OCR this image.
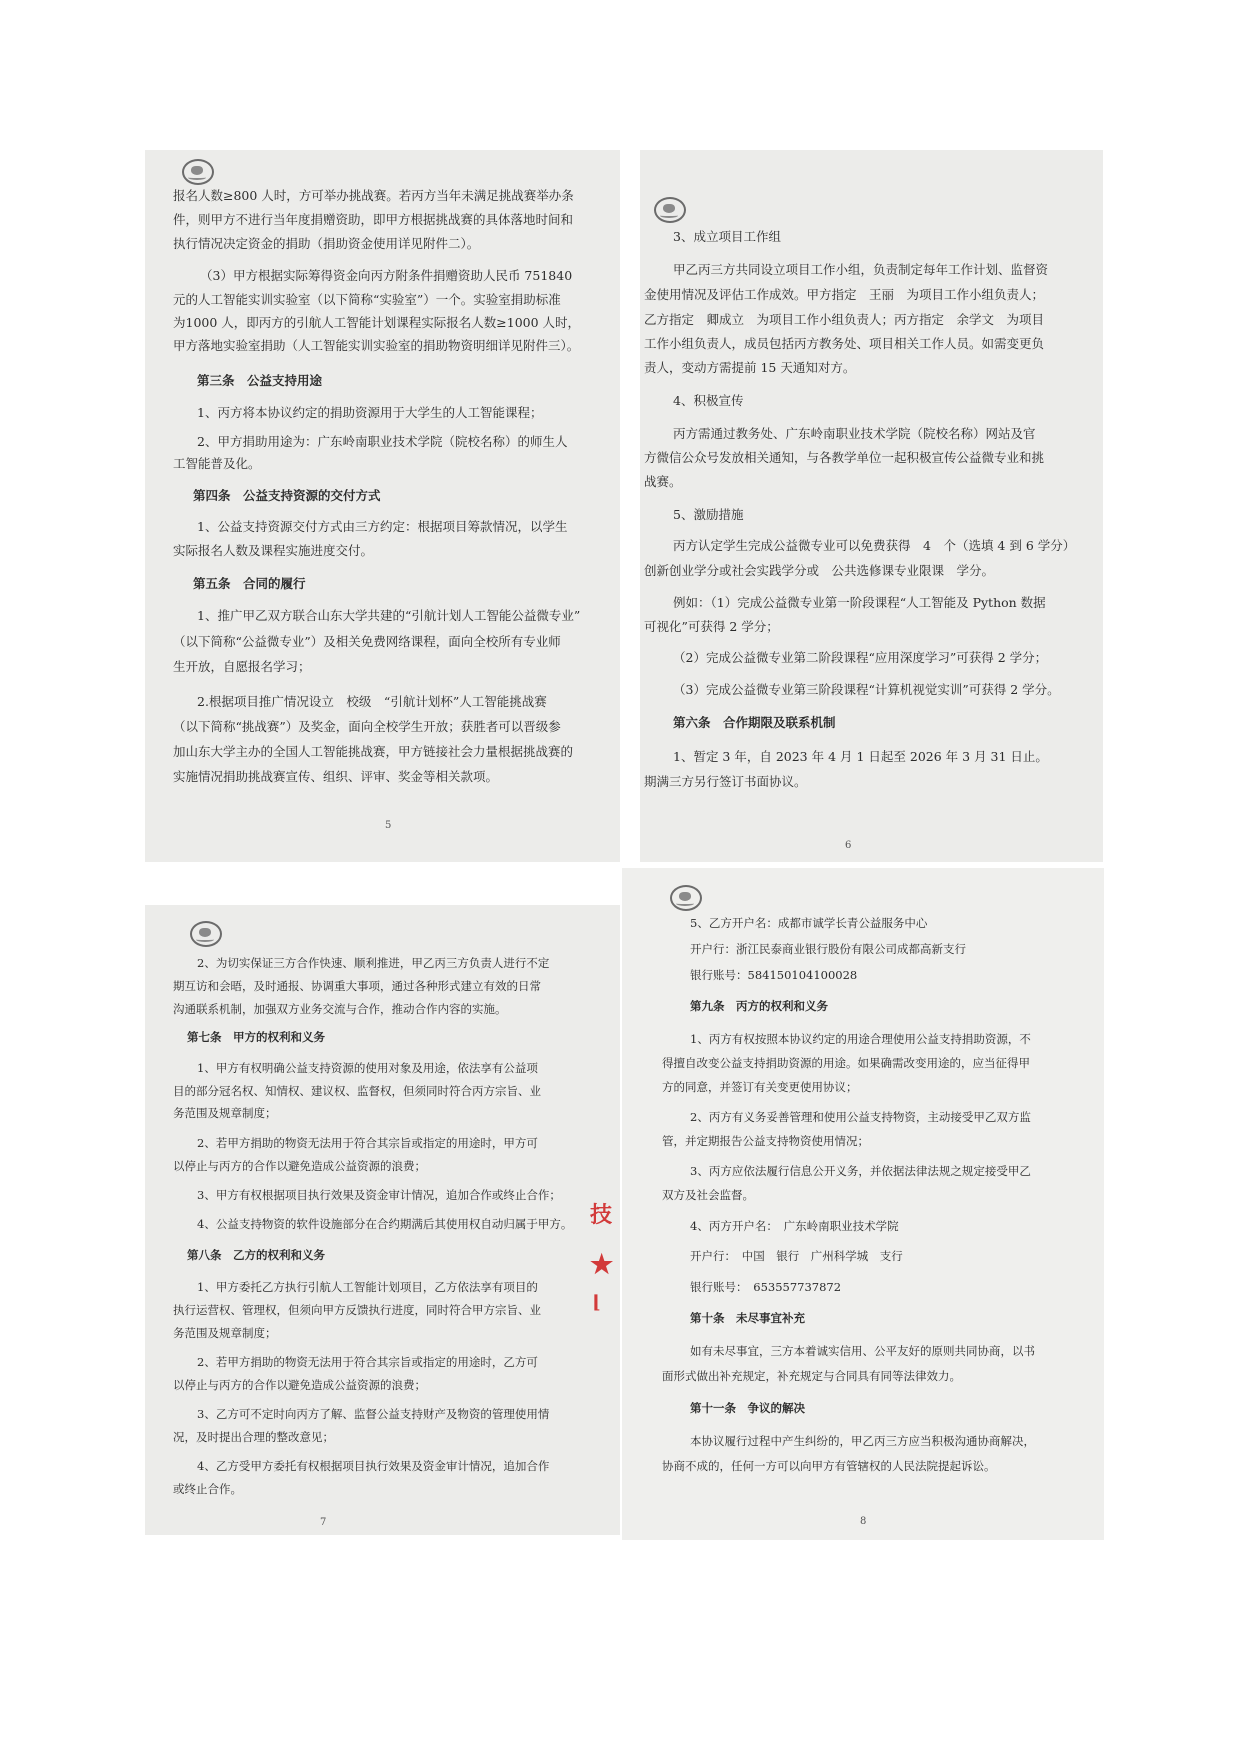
报名人数≥800 人时，方可举办挑战赛。若丙方当年未满足挑战赛举办条
件，则甲方不进行当年度捐赠资助，即甲方根据挑战赛的具体落地时间和
执行情况决定资金的捐助（捐助资金使用详见附件二）。
（3）甲方根据实际筹得资金向丙方附条件捐赠资助人民币 751840
元的人工智能实训实验室（以下简称“实验室”）一个。实验室捐助标准
为1000 人，即丙方的引航人工智能计划课程实际报名人数≥1000 人时，
甲方落地实验室捐助（人工智能实训实验室的捐助物资明细详见附件三）。
第三条　公益支持用途
1、丙方将本协议约定的捐助资源用于大学生的人工智能课程；
2、甲方捐助用途为：广东岭南职业技术学院（院校名称）的师生人
工智能普及化。
第四条　公益支持资源的交付方式
1、公益支持资源交付方式由三方约定：根据项目筹款情况，以学生
实际报名人数及课程实施进度交付。
第五条　合同的履行
1、推广甲乙双方联合山东大学共建的“引航计划人工智能公益微专业”
（以下简称“公益微专业”）及相关免费网络课程，面向全校所有专业师
生开放，自愿报名学习；
2.根据项目推广情况设立　校级　“引航计划杯”人工智能挑战赛
（以下简称“挑战赛”）及奖金，面向全校学生开放；获胜者可以晋级参
加山东大学主办的全国人工智能挑战赛，甲方链接社会力量根据挑战赛的
实施情况捐助挑战赛宣传、组织、评审、奖金等相关款项。
5
3、成立项目工作组
甲乙丙三方共同设立项目工作小组，负责制定每年工作计划、监督资
金使用情况及评估工作成效。甲方指定　王丽　为项目工作小组负责人；
乙方指定　卿成立　为项目工作小组负责人；丙方指定　余学文　为项目
工作小组负责人，成员包括丙方教务处、项目相关工作人员。如需变更负
责人，变动方需提前 15 天通知对方。
4、积极宣传
丙方需通过教务处、广东岭南职业技术学院（院校名称）网站及官
方微信公众号发放相关通知，与各教学单位一起积极宣传公益微专业和挑
战赛。
5、激励措施
丙方认定学生完成公益微专业可以免费获得　4　个（选填 4 到 6 学分）
创新创业学分或社会实践学分或　公共选修课专业限课　学分。
例如：（1）完成公益微专业第一阶段课程“人工智能及 Python 数据
可视化”可获得 2 学分；
（2）完成公益微专业第二阶段课程“应用深度学习”可获得 2 学分；
（3）完成公益微专业第三阶段课程“计算机视觉实训”可获得 2 学分。
第六条　合作期限及联系机制
1、暂定 3 年，自 2023 年 4 月 1 日起至 2026 年 3 月 31 日止。
期满三方另行签订书面协议。
6
2、为切实保证三方合作快速、顺利推进，甲乙丙三方负责人进行不定
期互访和会晤，及时通报、协调重大事项，通过各种形式建立有效的日常
沟通联系机制，加强双方业务交流与合作，推动合作内容的实施。
第七条　甲方的权利和义务
1、甲方有权明确公益支持资源的使用对象及用途，依法享有公益项
目的部分冠名权、知情权、建议权、监督权，但须同时符合丙方宗旨、业
务范围及规章制度；
2、若甲方捐助的物资无法用于符合其宗旨或指定的用途时，甲方可
以停止与丙方的合作以避免造成公益资源的浪费；
3、甲方有权根据项目执行效果及资金审计情况，追加合作或终止合作；
4、公益支持物资的软件设施部分在合约期满后其使用权自动归属于甲方。
第八条　乙方的权利和义务
1、甲方委托乙方执行引航人工智能计划项目，乙方依法享有项目的
执行运营权、管理权，但须向甲方反馈执行进度，同时符合甲方宗旨、业
务范围及规章制度；
2、若甲方捐助的物资无法用于符合其宗旨或指定的用途时，乙方可
以停止与丙方的合作以避免造成公益资源的浪费；
3、乙方可不定时向丙方了解、监督公益支持财产及物资的管理使用情
况，及时提出合理的整改意见；
4、乙方受甲方委托有权根据项目执行效果及资金审计情况，追加合作
或终止合作。
7
5、乙方开户名：成都市诚学长青公益服务中心
开户行：浙江民泰商业银行股份有限公司成都高新支行
银行账号：584150104100028
第九条　丙方的权利和义务
1、丙方有权按照本协议约定的用途合理使用公益支持捐助资源，不
得擅自改变公益支持捐助资源的用途。如果确需改变用途的，应当征得甲
方的同意，并签订有关变更使用协议；
2、丙方有义务妥善管理和使用公益支持物资，主动接受甲乙双方监
管，并定期报告公益支持物资使用情况；
3、丙方应依法履行信息公开义务，并依据法律法规之规定接受甲乙
双方及社会监督。
4、丙方开户名：　广东岭南职业技术学院
开户行：　中国　银行　广州科学城　支行
银行账号：　653557737872
第十条　未尽事宜补充
如有未尽事宜，三方本着诚实信用、公平友好的原则共同协商，以书
面形式做出补充规定，补充规定与合同具有同等法律效力。
第十一条　争议的解决
本协议履行过程中产生纠纷的，甲乙丙三方应当积极沟通协商解决，
协商不成的，任何一方可以向甲方有管辖权的人民法院提起诉讼。
8
技
★
⌊
